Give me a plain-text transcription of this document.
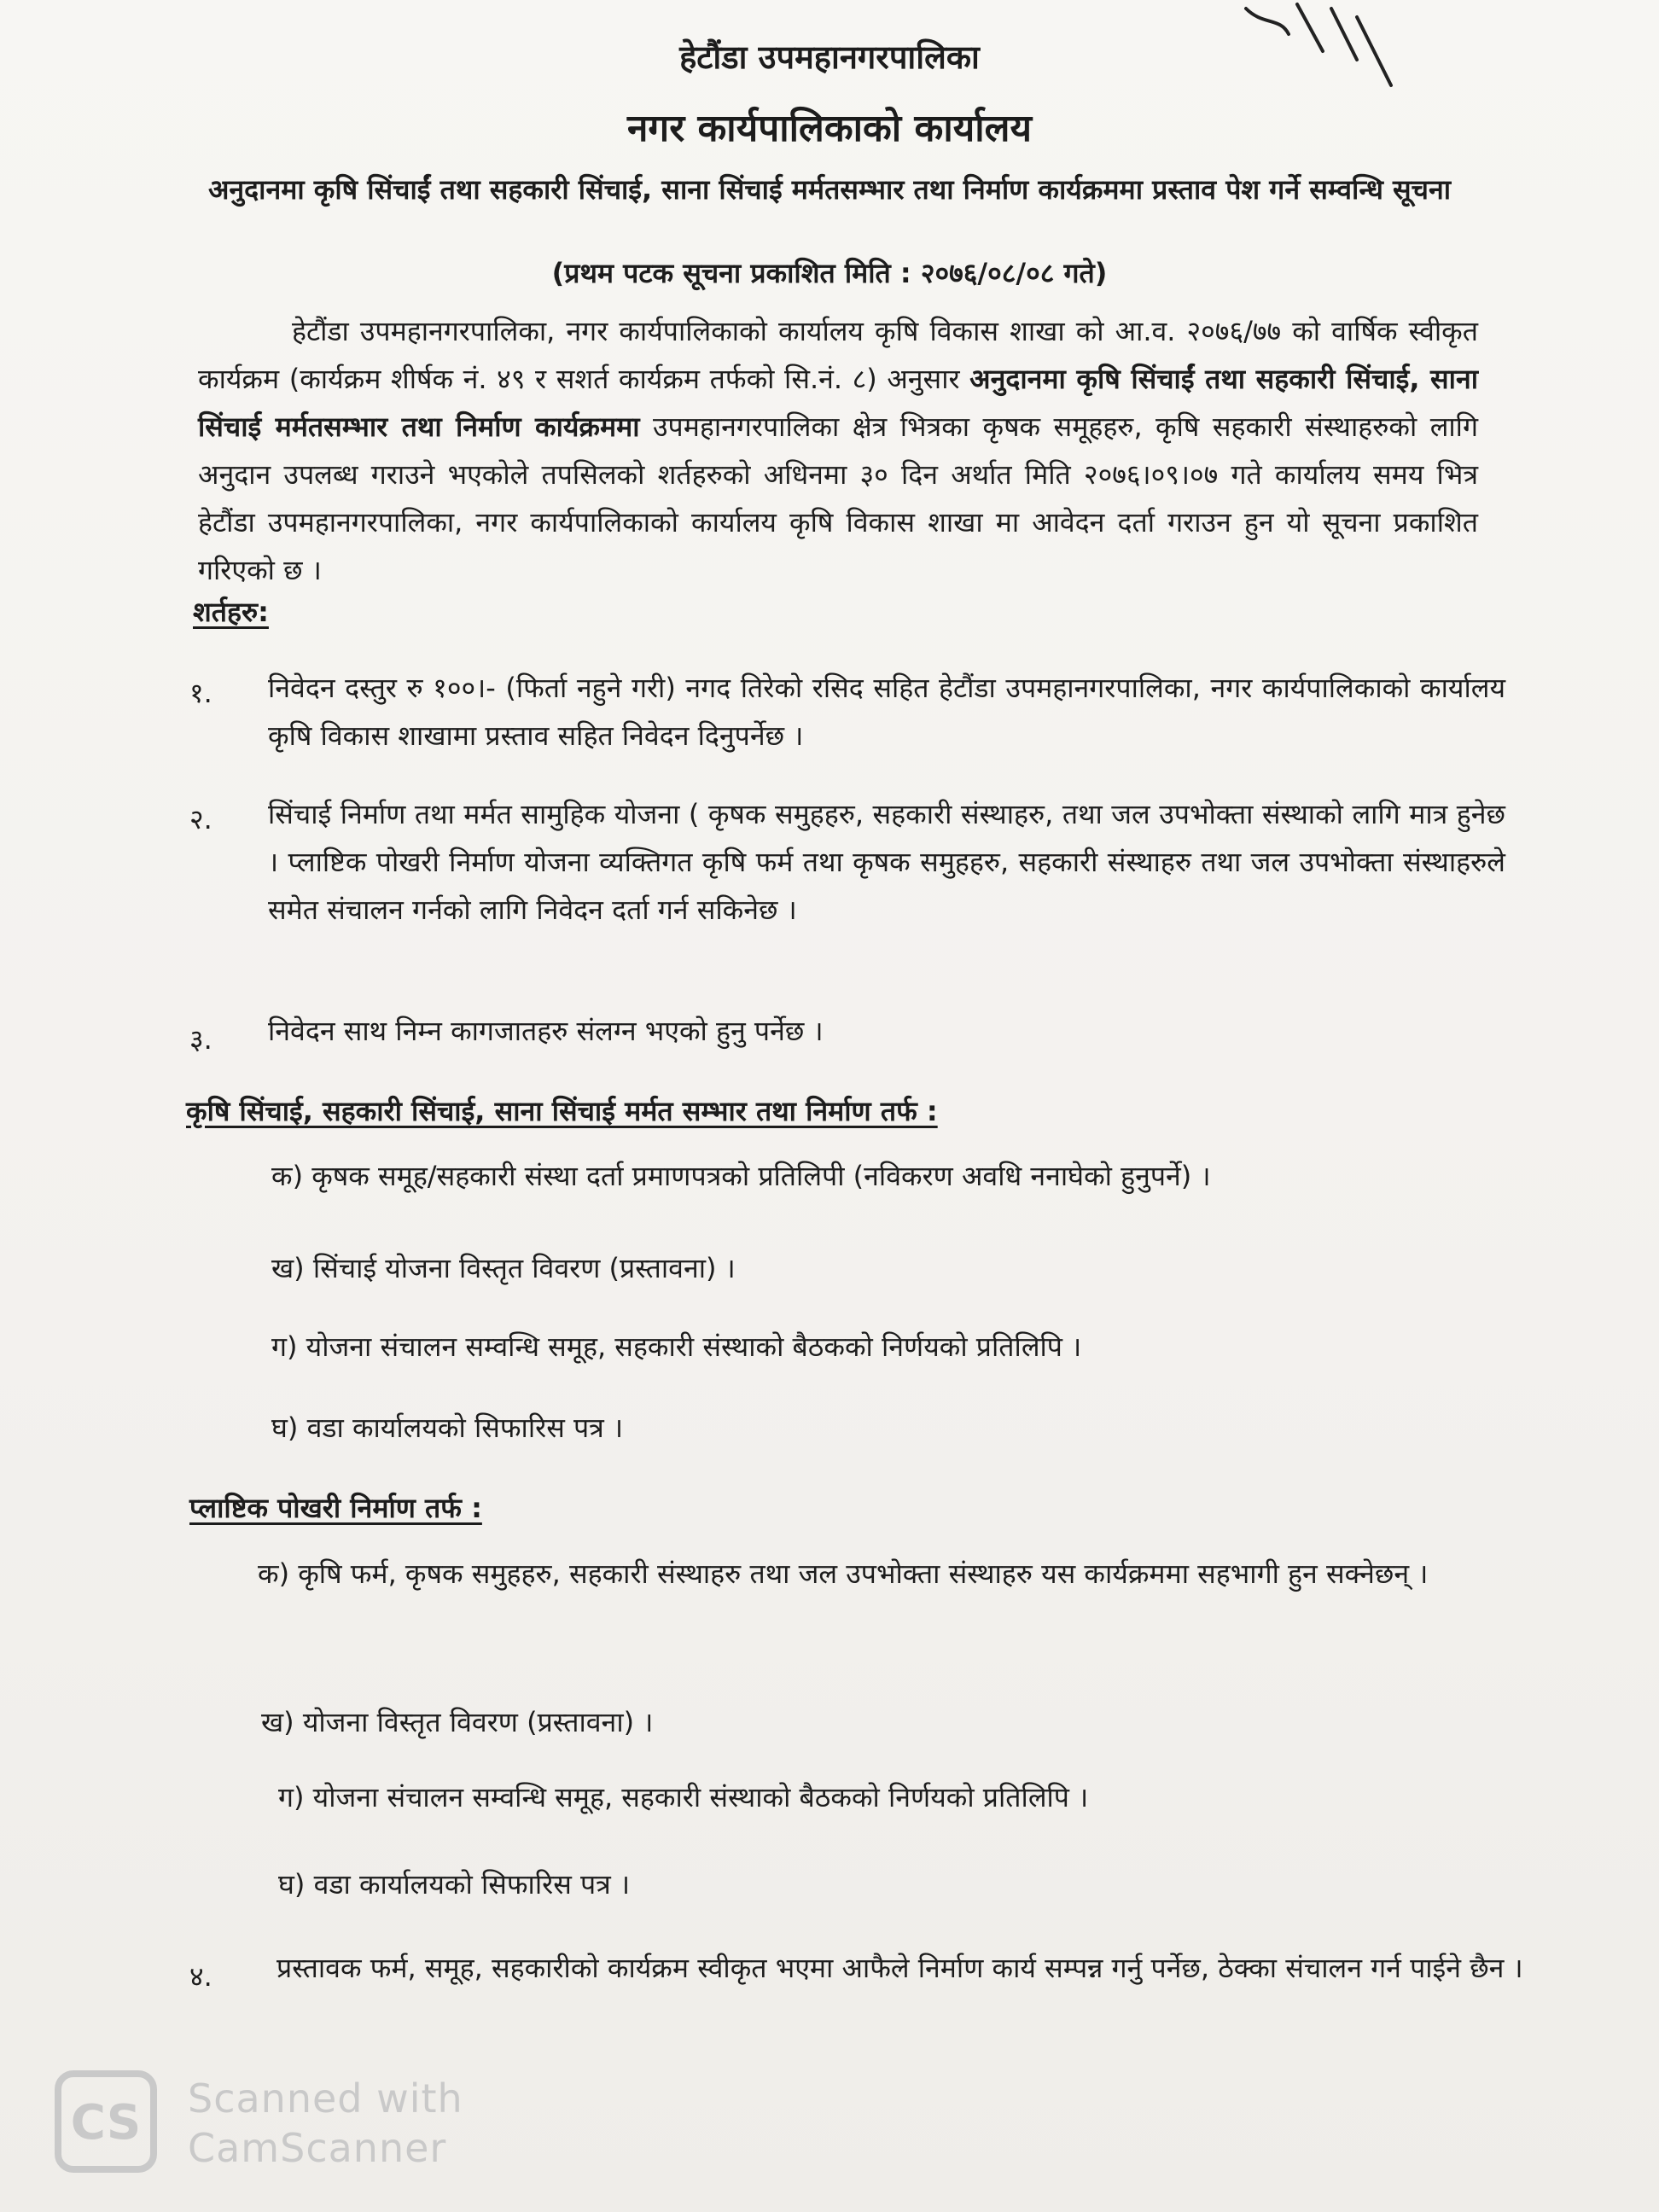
हेटौंडा उपमहानगरपालिका
नगर कार्यपालिकाको कार्यालय
अनुदानमा कृषि सिंचाईं तथा सहकारी सिंचाई, साना सिंचाई मर्मतसम्भार तथा निर्माण कार्यक्रममा प्रस्ताव पेश गर्ने सम्वन्धि सूचना
(प्रथम पटक सूचना प्रकाशित मिति : २०७६/०८/०८ गते)
हेटौंडा उपमहानगरपालिका, नगर कार्यपालिकाको कार्यालय कृषि विकास शाखा को आ.व. २०७६/७७ को वार्षिक स्वीकृत कार्यक्रम (कार्यक्रम शीर्षक नं. ४९ र सशर्त कार्यक्रम तर्फको सि.नं. ८) अनुसार अनुदानमा कृषि सिंचाईं तथा सहकारी सिंचाई, साना सिंचाई मर्मतसम्भार तथा निर्माण कार्यक्रममा उपमहानगरपालिका क्षेत्र भित्रका कृषक समूहहरु, कृषि सहकारी संस्थाहरुको लागि अनुदान उपलब्ध गराउने भएकोले तपसिलको शर्तहरुको अधिनमा ३० दिन अर्थात मिति २०७६।०९।०७ गते कार्यालय समय भित्र हेटौंडा उपमहानगरपालिका, नगर कार्यपालिकाको कार्यालय कृषि विकास शाखा मा आवेदन दर्ता गराउन हुन यो सूचना प्रकाशित गरिएको छ ।
शर्तहरु:
१. निवेदन दस्तुर रु १००।- (फिर्ता नहुने गरी) नगद तिरेको रसिद सहित हेटौंडा उपमहानगरपालिका, नगर कार्यपालिकाको कार्यालय कृषि विकास शाखामा प्रस्ताव सहित निवेदन दिनुपर्नेछ ।
२. सिंचाई निर्माण तथा मर्मत सामुहिक योजना ( कृषक समुहहरु, सहकारी संस्थाहरु, तथा जल उपभोक्ता संस्थाको लागि मात्र हुनेछ । प्लाष्टिक पोखरी निर्माण योजना व्यक्तिगत कृषि फर्म तथा कृषक समुहहरु, सहकारी संस्थाहरु तथा जल उपभोक्ता संस्थाहरुले समेत संचालन गर्नको लागि निवेदन दर्ता गर्न सकिनेछ ।
३. निवेदन साथ निम्न कागजातहरु संलग्न भएको हुनु पर्नेछ ।
कृषि सिंचाई, सहकारी सिंचाई, साना सिंचाई मर्मत सम्भार तथा निर्माण तर्फ :
क) कृषक समूह/सहकारी संस्था दर्ता प्रमाणपत्रको प्रतिलिपी (नविकरण अवधि ननाघेको हुनुपर्ने) ।
ख) सिंचाई योजना विस्तृत विवरण (प्रस्तावना) ।
ग) योजना संचालन सम्वन्धि समूह, सहकारी संस्थाको बैठकको निर्णयको प्रतिलिपि ।
घ) वडा कार्यालयको सिफारिस पत्र ।
प्लाष्टिक पोखरी निर्माण तर्फ :
क) कृषि फर्म, कृषक समुहहरु, सहकारी संस्थाहरु तथा जल उपभोक्ता संस्थाहरु यस कार्यक्रममा सहभागी हुन सक्नेछन् ।
ख) योजना विस्तृत विवरण (प्रस्तावना) ।
ग) योजना संचालन सम्वन्धि समूह, सहकारी संस्थाको बैठकको निर्णयको प्रतिलिपि ।
घ) वडा कार्यालयको सिफारिस पत्र ।
४. प्रस्तावक फर्म, समूह, सहकारीको कार्यक्रम स्वीकृत भएमा आफैले निर्माण कार्य सम्पन्न गर्नु पर्नेछ, ठेक्का संचालन गर्न पाईने छैन ।
CS Scanned with
CamScanner
